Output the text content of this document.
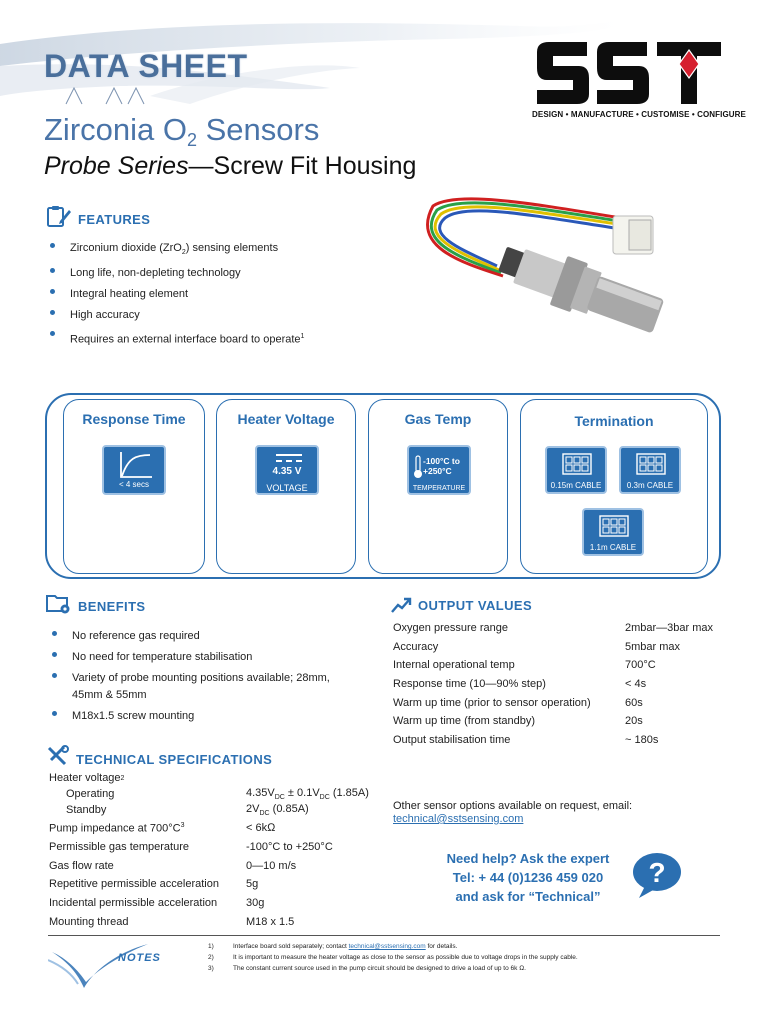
DATA SHEET
Zirconia $O_2$ Sensors
Probe Series—Screw Fit Housing
DESIGN • MANUFACTURE • CUSTOMISE • CONFIGURE
FEATURES
Zirconium dioxide (ZrO$_2$) sensing elements
Long life, non-depleting technology
Integral heating element
High accuracy
Requires an external interface board to operate$^1$
Response Time
< 4 secs
Heater Voltage
4.35 V
VOLTAGE
Gas Temp
-100°C to
+250°C
TEMPERATURE
Termination
0.15m CABLE	0.3m CABLE
1.1m CABLE
BENEFITS
No reference gas required
No need for temperature stabilisation
Variety of probe mounting positions available; 28mm,
45mm & 55mm
M18x1.5 screw mounting
OUTPUT VALUES
Oxygen pressure range	2mbar—3bar max
Accuracy	5mbar max
Internal operational temp	700°C
Response time (10—90% step)	< 4s
Warm up time (prior to sensor operation)	60s
Warm up time (from standby)	20s
Output stabilisation time	~ 180s
TECHNICAL SPECIFICATIONS
Heater voltage 2
Operating	$4.35V_{DC} \pm 0.1V_{DC}$ (1.85A)
Standby	$2V_{DC}$ (0.85A)
Pump impedance at $700^\circ C^3$	< 6kΩ
Permissible gas temperature	-100°C to +250°C
Gas flow rate	0—10 m/s
Repetitive permissible acceleration	5g
Incidental permissible acceleration	30g
Mounting thread	M18 x 1.5
Other sensor options available on request, email:
technical@sstsensing.com
Need help? Ask the expert
Tel: + 44 (0)1236 459 020
and ask for “Technical”
?
NOTES
1)	Interface board sold separately; contact technical@sstsensing.com for details.
2)	It is important to measure the heater voltage as close to the sensor as possible due to voltage drops in the supply cable.
3)	The constant current source used in the pump circuit should be designed to drive a load of up to 6k Ω.
